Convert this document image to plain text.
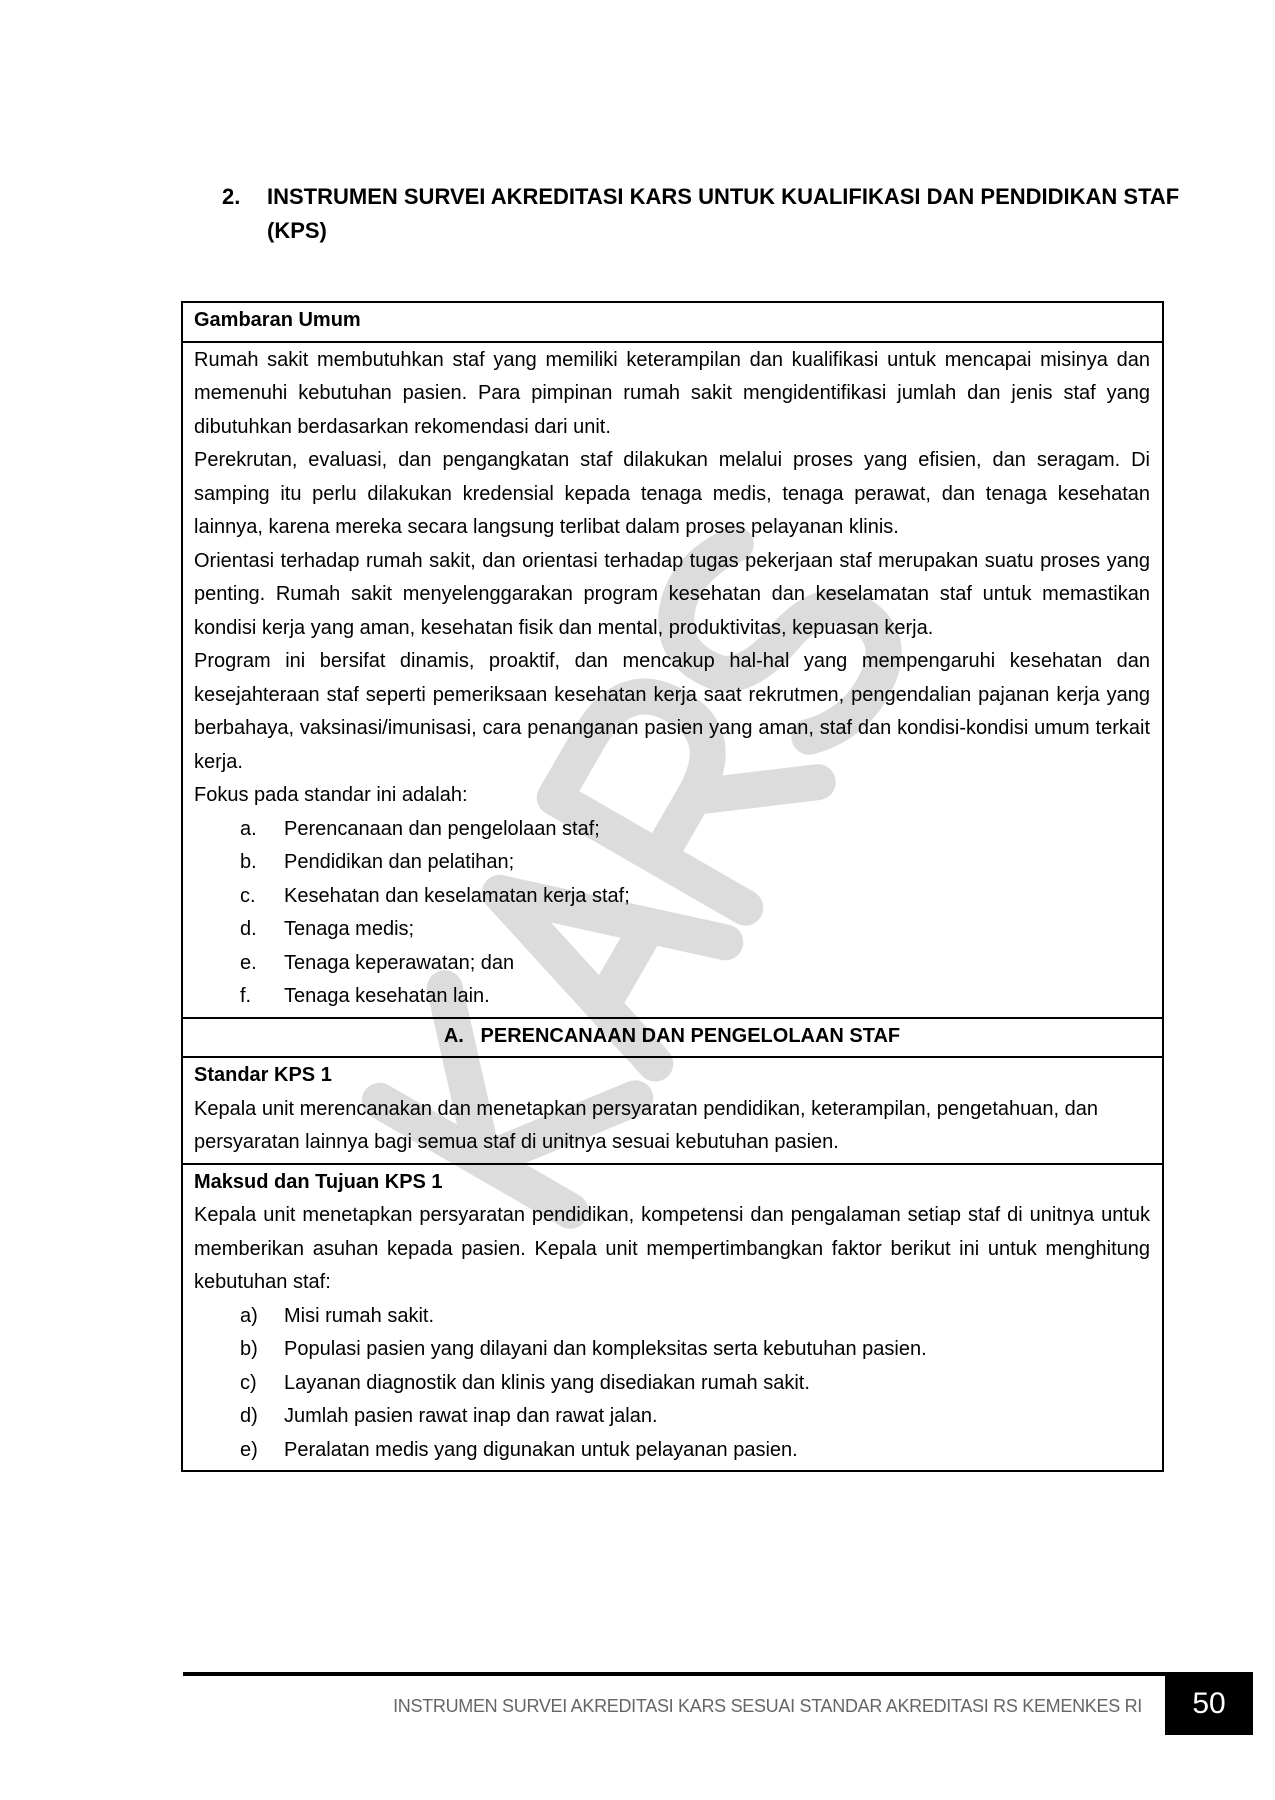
2.	INSTRUMEN SURVEI AKREDITASI KARS UNTUK KUALIFIKASI DAN PENDIDIKAN STAF (KPS)
Gambaran Umum

Rumah sakit membutuhkan staf yang memiliki keterampilan dan kualifikasi untuk mencapai misinya dan memenuhi kebutuhan pasien. Para pimpinan rumah sakit mengidentifikasi jumlah dan jenis staf yang dibutuhkan berdasarkan rekomendasi dari unit.

Perekrutan, evaluasi, dan pengangkatan staf dilakukan melalui proses yang efisien, dan seragam. Di samping itu perlu dilakukan kredensial kepada tenaga medis, tenaga perawat, dan tenaga kesehatan lainnya, karena mereka secara langsung terlibat dalam proses pelayanan klinis.

Orientasi terhadap rumah sakit, dan orientasi terhadap tugas pekerjaan staf merupakan suatu proses yang penting. Rumah sakit menyelenggarakan program kesehatan dan keselamatan staf untuk memastikan kondisi kerja yang aman, kesehatan fisik dan mental, produktivitas, kepuasan kerja.

Program ini bersifat dinamis, proaktif, dan mencakup hal-hal yang mempengaruhi kesehatan dan kesejahteraan staf seperti pemeriksaan kesehatan kerja saat rekrutmen, pengendalian pajanan kerja yang berbahaya, vaksinasi/imunisasi, cara penanganan pasien yang aman, staf dan kondisi-kondisi umum terkait kerja.

Fokus pada standar ini adalah:

a. Perencanaan dan pengelolaan staf;
b. Pendidikan dan pelatihan;
c. Kesehatan dan keselamatan kerja staf;
d. Tenaga medis;
e. Tenaga keperawatan; dan
f. Tenaga kesehatan lain.

A.   PERENCANAAN DAN PENGELOLAAN STAF

Standar KPS 1

Kepala unit merencanakan dan menetapkan persyaratan pendidikan, keterampilan, pengetahuan, dan persyaratan lainnya bagi semua staf di unitnya sesuai kebutuhan pasien.

Maksud dan Tujuan KPS 1

Kepala unit menetapkan persyaratan pendidikan, kompetensi dan pengalaman setiap staf di unitnya untuk memberikan asuhan kepada pasien. Kepala unit mempertimbangkan faktor berikut ini untuk menghitung kebutuhan staf:

a) Misi rumah sakit.
b) Populasi pasien yang dilayani dan kompleksitas serta kebutuhan pasien.
c) Layanan diagnostik dan klinis yang disediakan rumah sakit.
d) Jumlah pasien rawat inap dan rawat jalan.
e) Peralatan medis yang digunakan untuk pelayanan pasien.
INSTRUMEN SURVEI AKREDITASI KARS SESUAI STANDAR AKREDITASI RS KEMENKES RI	50
